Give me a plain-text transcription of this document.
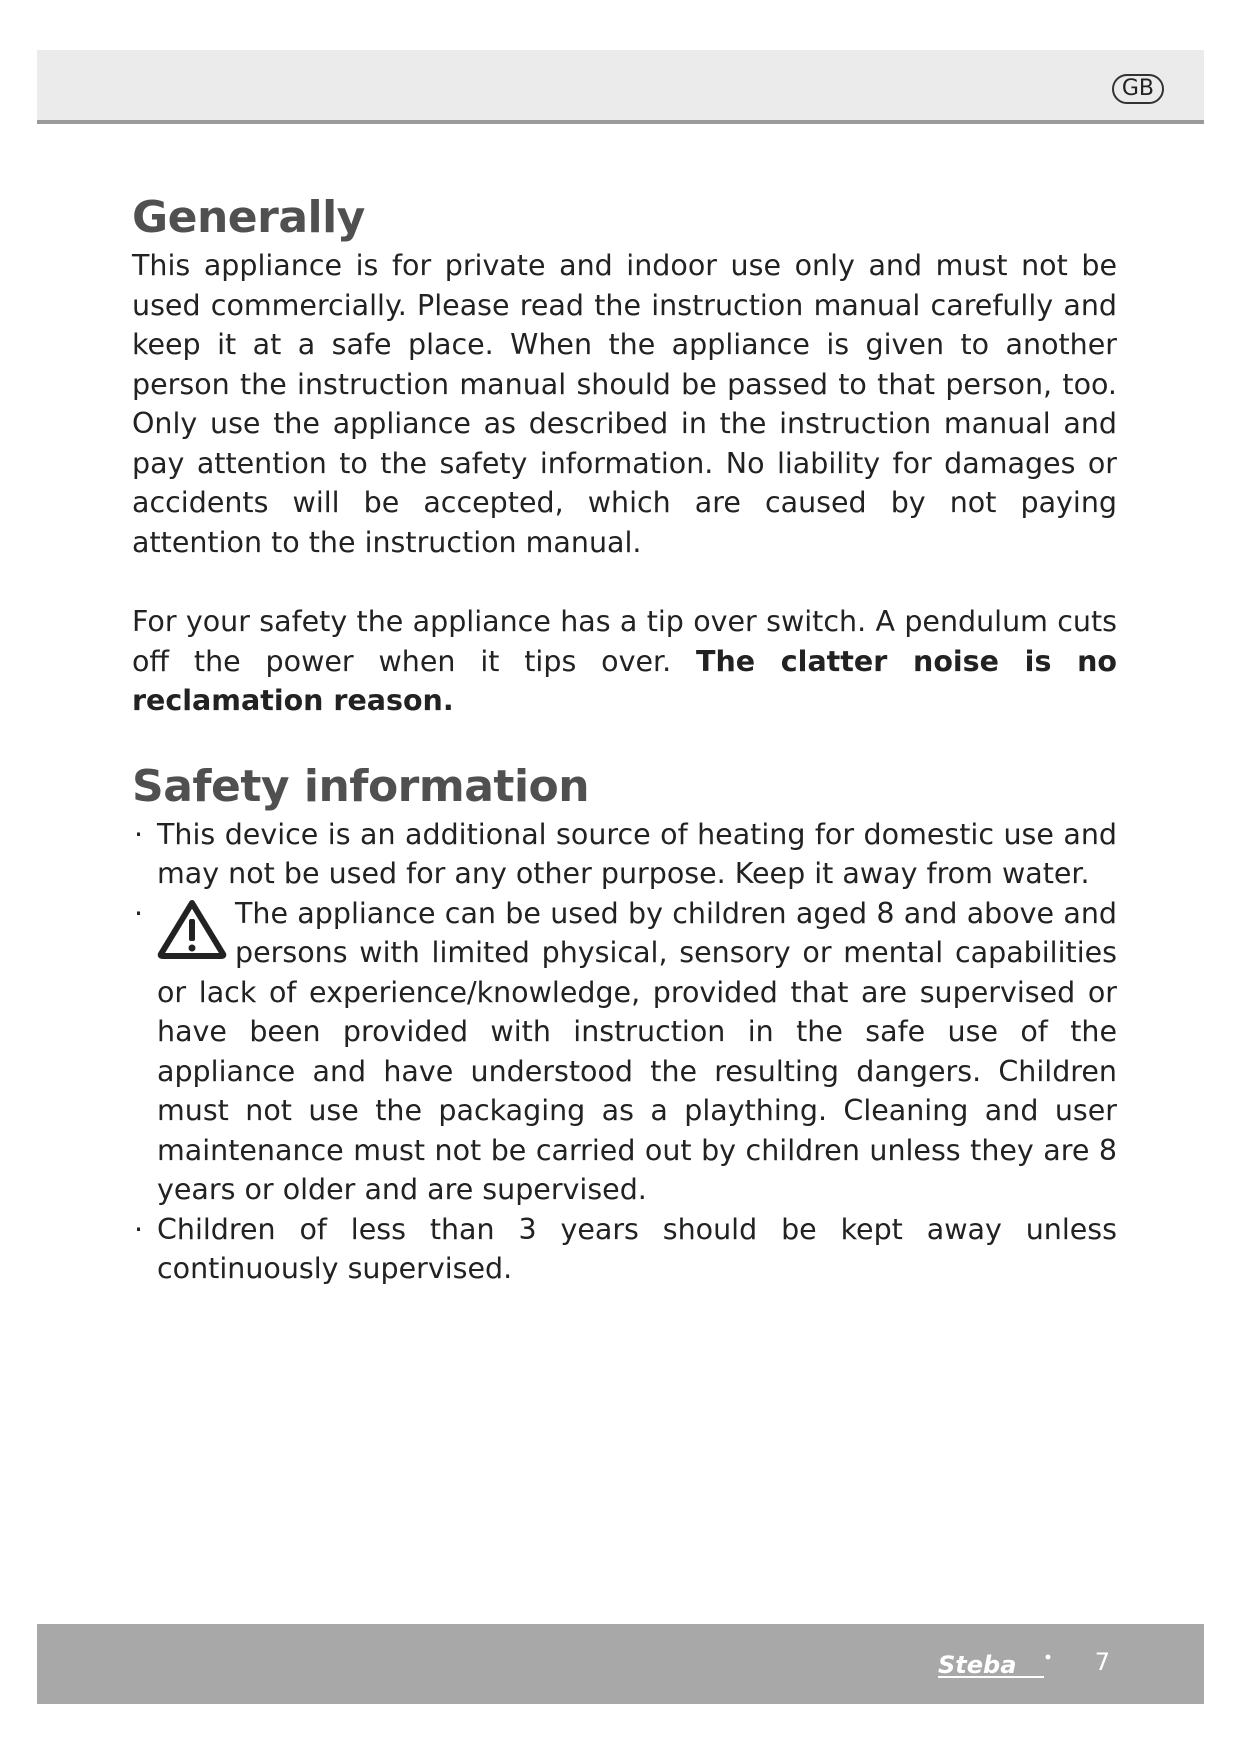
GB
Generally

This appliance is for private and indoor use only and must not be used commercially. Please read the instruction manual carefully and keep it at a safe place. When the appliance is given to another person the instruction manual should be passed to that person, too. Only use the appliance as described in the instruction manual and pay attention to the safety information. No liability for damages or accidents will be accepted, which are caused by not paying attention to the instruction manual.

For your safety the appliance has a tip over switch. A pendulum cuts off the power when it tips over. The clatter noise is no reclamation reason.

Safety information
· This device is an additional source of heating for domestic use and may not be used for any other purpose. Keep it away from water.
·	The appliance can be used by children aged 8 and above and persons with limited physical, sensory or mental capabilities or lack of experience/knowledge, provided that are supervised or have been provided with instruction in the safe use of the appliance and have understood the resulting dangers. Children must not use the packaging as a plaything. Cleaning and user maintenance must not be carried out by children unless they are 8 years or older and are supervised.
· Children of less than 3 years should be kept away unless continuously supervised.
Steba	7
